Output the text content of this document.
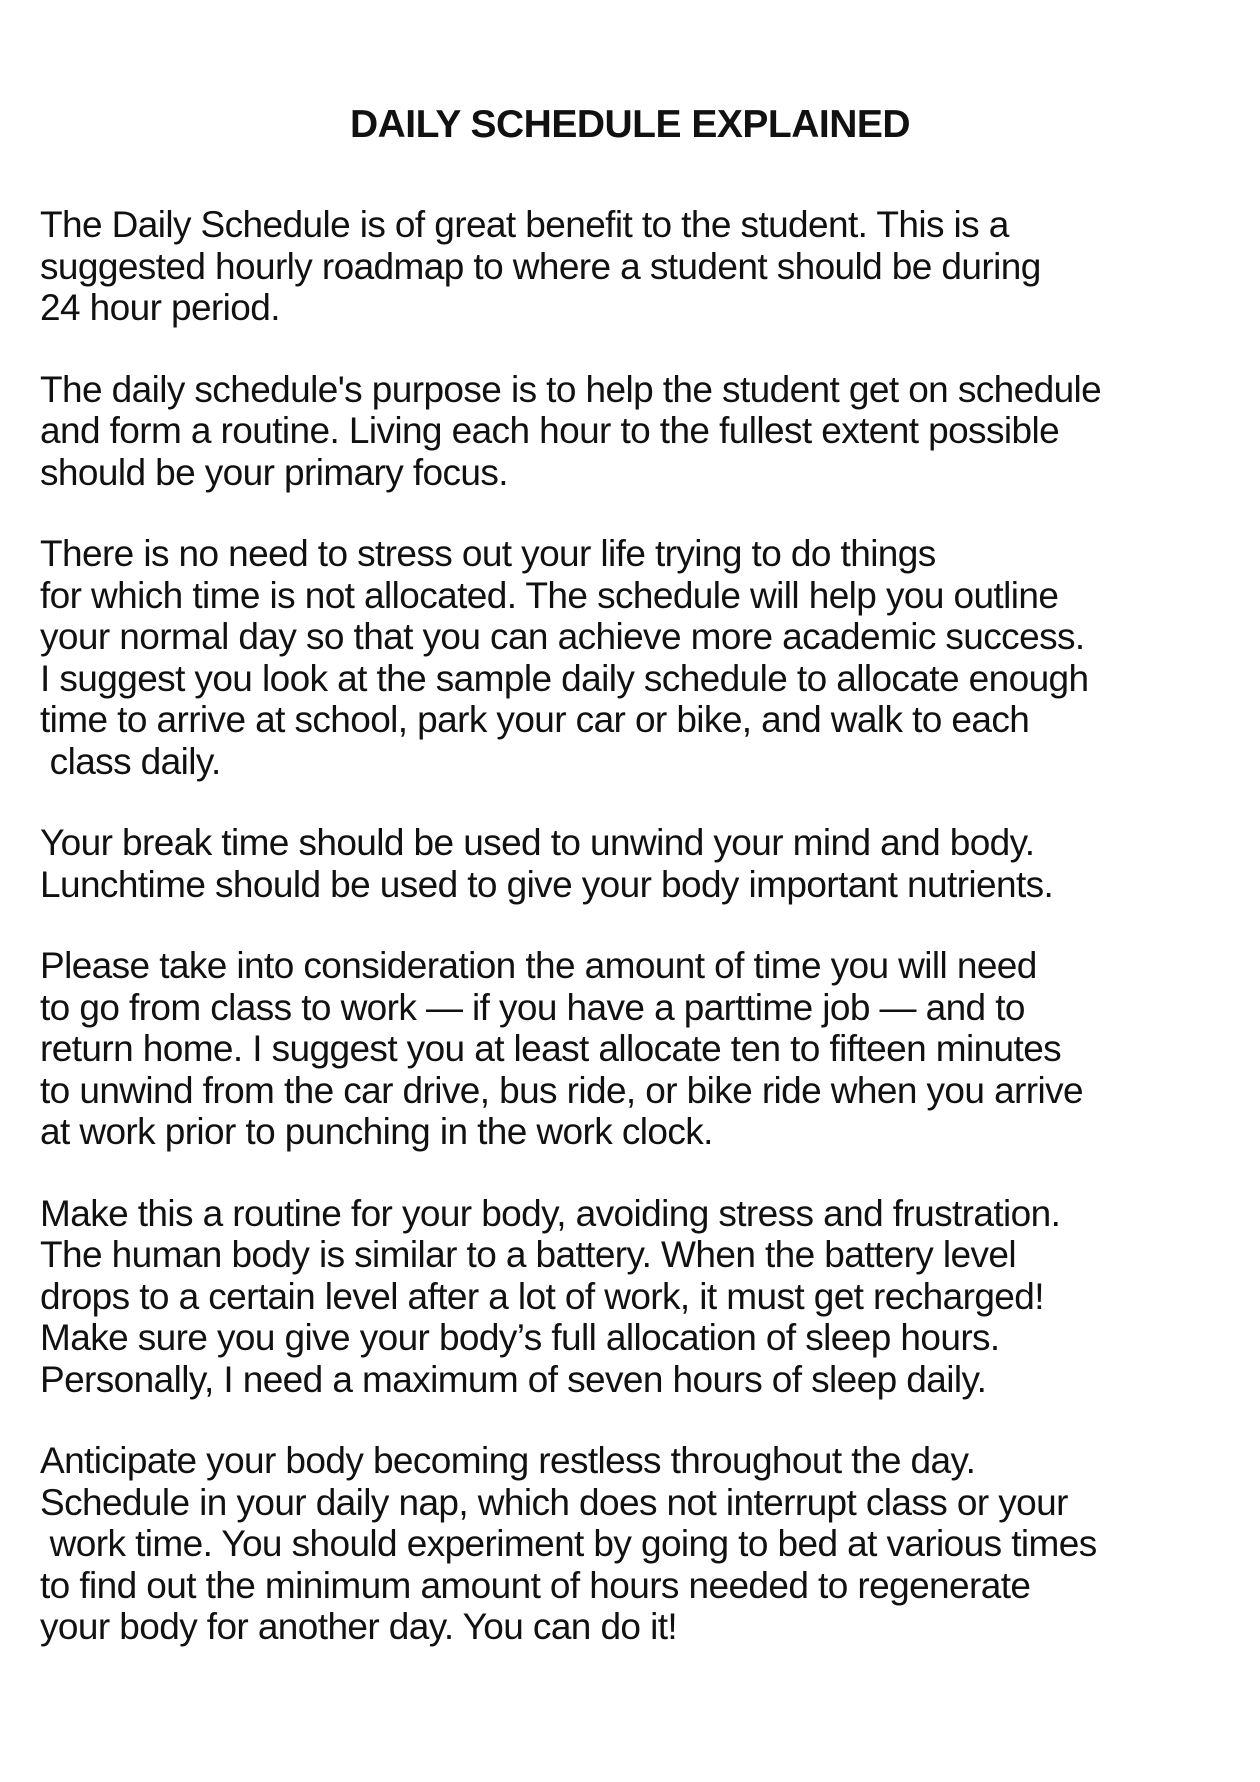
DAILY SCHEDULE EXPLAINED
The Daily Schedule is of great benefit to the student. This is a
suggested hourly roadmap to where a student should be during
24 hour period.
The daily schedule's purpose is to help the student get on schedule
and form a routine. Living each hour to the fullest extent possible
should be your primary focus.
There is no need to stress out your life trying to do things
for which time is not allocated. The schedule will help you outline
your normal day so that you can achieve more academic success.
I suggest you look at the sample daily schedule to allocate enough
time to arrive at school, park your car or bike, and walk to each
class daily.
Your break time should be used to unwind your mind and body.
Lunchtime should be used to give your body important nutrients.
Please take into consideration the amount of time you will need
to go from class to work — if you have a parttime job — and to
return home. I suggest you at least allocate ten to fifteen minutes
to unwind from the car drive, bus ride, or bike ride when you arrive
at work prior to punching in the work clock.
Make this a routine for your body, avoiding stress and frustration.
The human body is similar to a battery. When the battery level
drops to a certain level after a lot of work, it must get recharged!
Make sure you give your body’s full allocation of sleep hours.
Personally, I need a maximum of seven hours of sleep daily.
Anticipate your body becoming restless throughout the day.
Schedule in your daily nap, which does not interrupt class or your
work time. You should experiment by going to bed at various times
to find out the minimum amount of hours needed to regenerate
your body for another day. You can do it!
